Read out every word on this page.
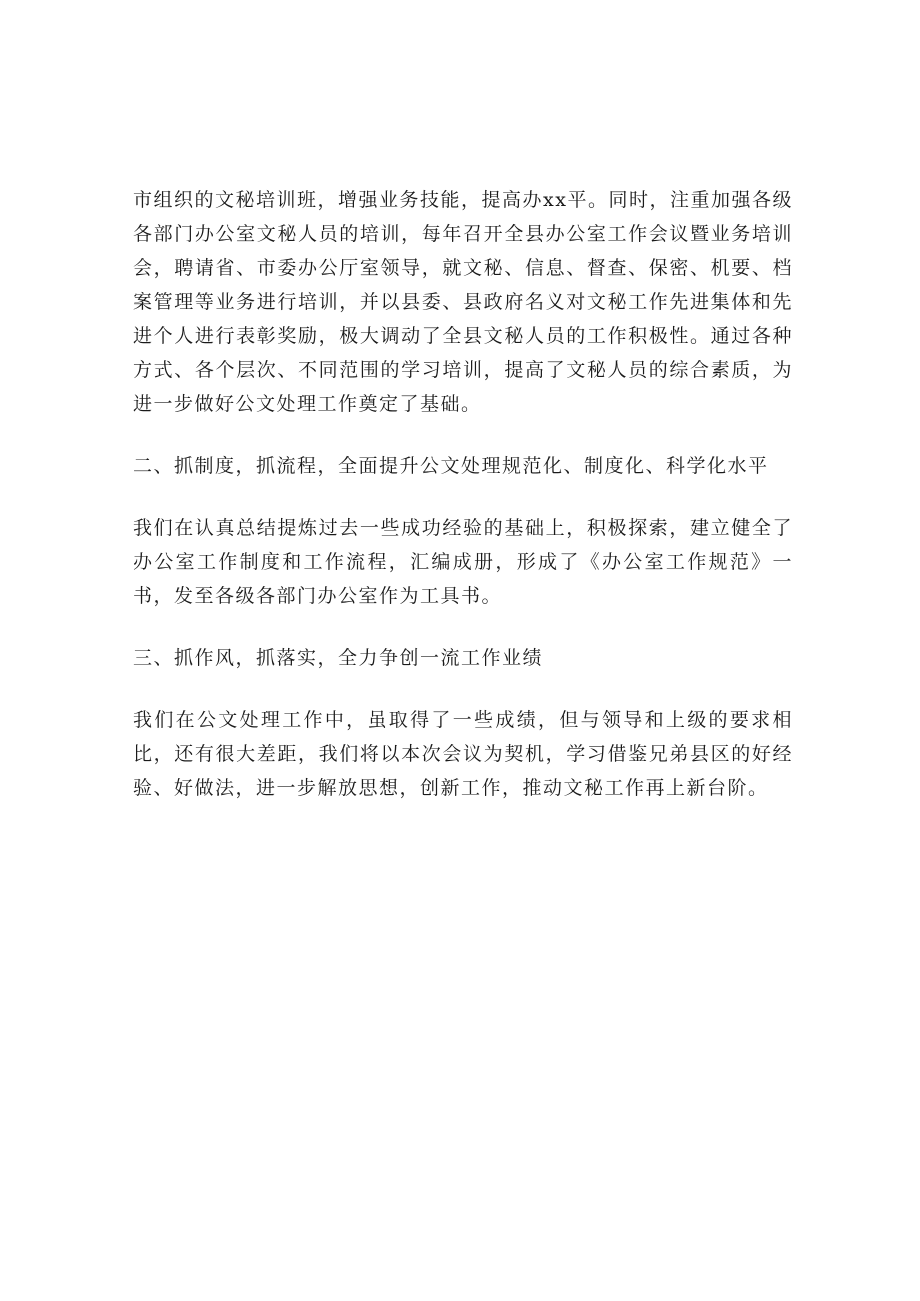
市组织的文秘培训班，增强业务技能，提高办xx平。同时，注重加强各级各部门办公室文秘人员的培训，每年召开全县办公室工作会议暨业务培训会，聘请省、市委办公厅室领导，就文秘、信息、督查、保密、机要、档案管理等业务进行培训，并以县委、县政府名义对文秘工作先进集体和先进个人进行表彰奖励，极大调动了全县文秘人员的工作积极性。通过各种方式、各个层次、不同范围的学习培训，提高了文秘人员的综合素质，为进一步做好公文处理工作奠定了基础。

二、抓制度，抓流程，全面提升公文处理规范化、制度化、科学化水平

我们在认真总结提炼过去一些成功经验的基础上，积极探索，建立健全了办公室工作制度和工作流程，汇编成册，形成了《办公室工作规范》一书，发至各级各部门办公室作为工具书。

三、抓作风，抓落实，全力争创一流工作业绩

我们在公文处理工作中，虽取得了一些成绩，但与领导和上级的要求相比，还有很大差距，我们将以本次会议为契机，学习借鉴兄弟县区的好经验、好做法，进一步解放思想，创新工作，推动文秘工作再上新台阶。
